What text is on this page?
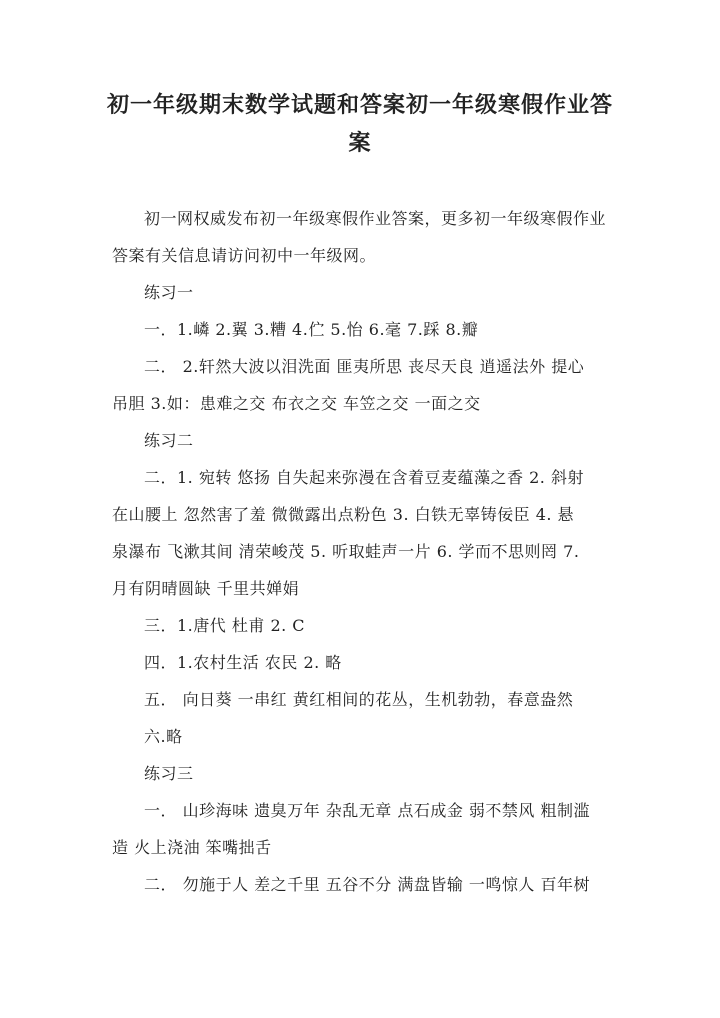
初一年级期末数学试题和答案初一年级寒假作业答
案
初一网权威发布初一年级寒假作业答案，更多初一年级寒假作业
答案有关信息请访问初中一年级网。
练习一
一．1.嶙 2.翼 3.糟 4.伫 5.怡 6.毫 7.踩 8.瓣
二． 2.轩然大波以泪洗面 匪夷所思 丧尽天良 逍遥法外 提心
吊胆 3.如：患难之交 布衣之交 车笠之交 一面之交
练习二
二．1. 宛转 悠扬 自失起来弥漫在含着豆麦蕴藻之香 2. 斜射
在山腰上 忽然害了羞 微微露出点粉色 3. 白铁无辜铸佞臣 4. 悬
泉瀑布 飞漱其间 清荣峻茂 5. 听取蛙声一片 6. 学而不思则罔 7.
月有阴晴圆缺 千里共婵娟
三．1.唐代 杜甫 2. C
四．1.农村生活 农民 2. 略
五． 向日葵 一串红 黄红相间的花丛，生机勃勃，春意盎然
六.略
练习三
一． 山珍海味 遗臭万年 杂乱无章 点石成金 弱不禁风 粗制滥
造 火上浇油 笨嘴拙舌
二． 勿施于人 差之千里 五谷不分 满盘皆输 一鸣惊人 百年树
